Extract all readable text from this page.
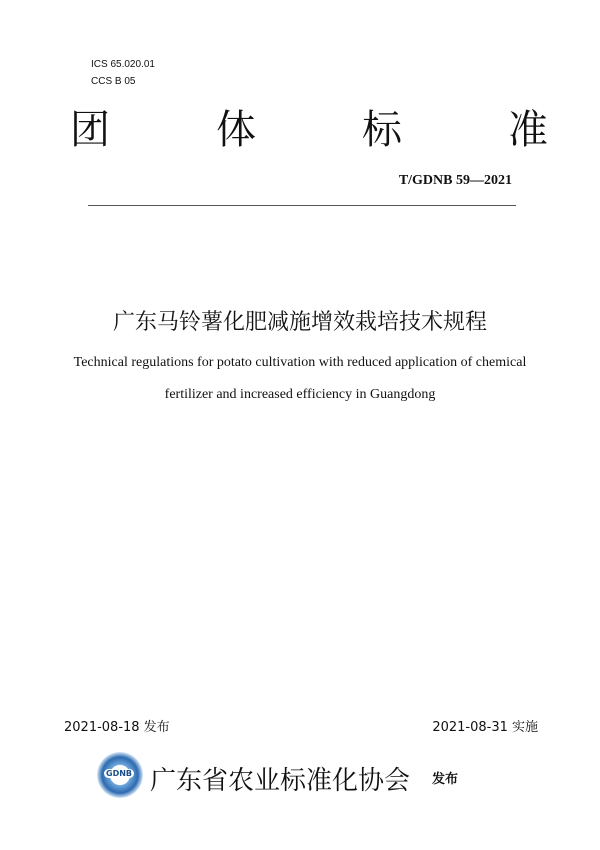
ICS 65.020.01
CCS B 05
团	体	标	准
T/GDNB 59—2021
广东马铃薯化肥减施增效栽培技术规程
Technical regulations for potato cultivation with reduced application of chemical
fertilizer and increased efficiency in Guangdong
2021-08-18 发布	2021-08-31 实施
GDNB 广东省农业标准化协会 发布
